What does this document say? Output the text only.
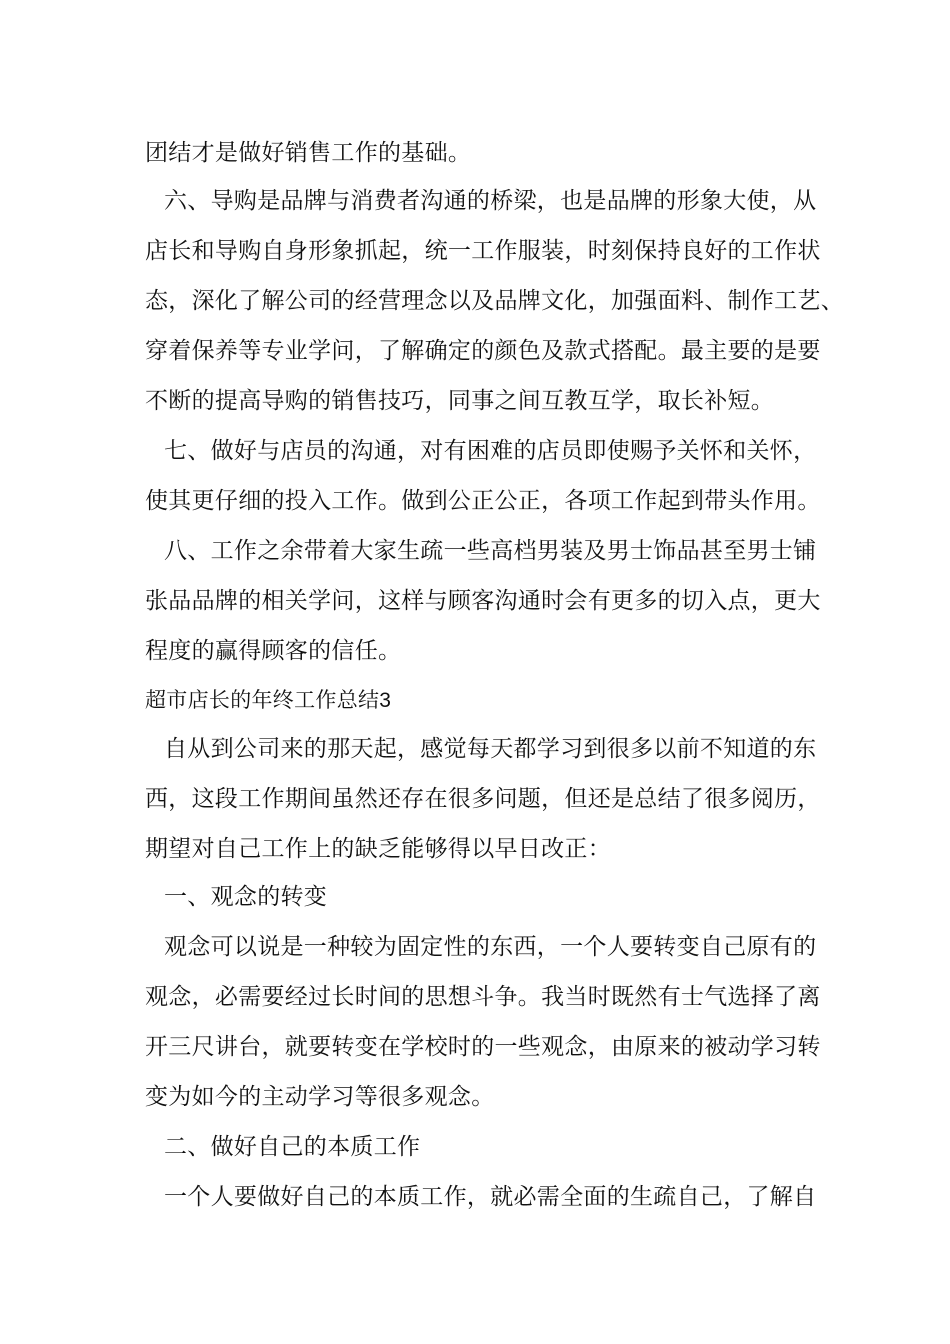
团结才是做好销售工作的基础。
六、导购是品牌与消费者沟通的桥梁，也是品牌的形象大使，从
店长和导购自身形象抓起，统一工作服装，时刻保持良好的工作状
态，深化了解公司的经营理念以及品牌文化，加强面料、制作工艺、
穿着保养等专业学问，了解确定的颜色及款式搭配。最主要的是要
不断的提高导购的销售技巧，同事之间互教互学，取长补短。
七、做好与店员的沟通，对有困难的店员即使赐予关怀和关怀，
使其更仔细的投入工作。做到公正公正，各项工作起到带头作用。
八、工作之余带着大家生疏一些高档男装及男士饰品甚至男士铺
张品品牌的相关学问，这样与顾客沟通时会有更多的切入点，更大
程度的赢得顾客的信任。
超市店长的年终工作总结3
自从到公司来的那天起，感觉每天都学习到很多以前不知道的东
西，这段工作期间虽然还存在很多问题，但还是总结了很多阅历，
期望对自己工作上的缺乏能够得以早日改正：
一、观念的转变
观念可以说是一种较为固定性的东西，一个人要转变自己原有的
观念，必需要经过长时间的思想斗争。我当时既然有士气选择了离
开三尺讲台，就要转变在学校时的一些观念，由原来的被动学习转
变为如今的主动学习等很多观念。
二、做好自己的本质工作
一个人要做好自己的本质工作，就必需全面的生疏自己，了解自
